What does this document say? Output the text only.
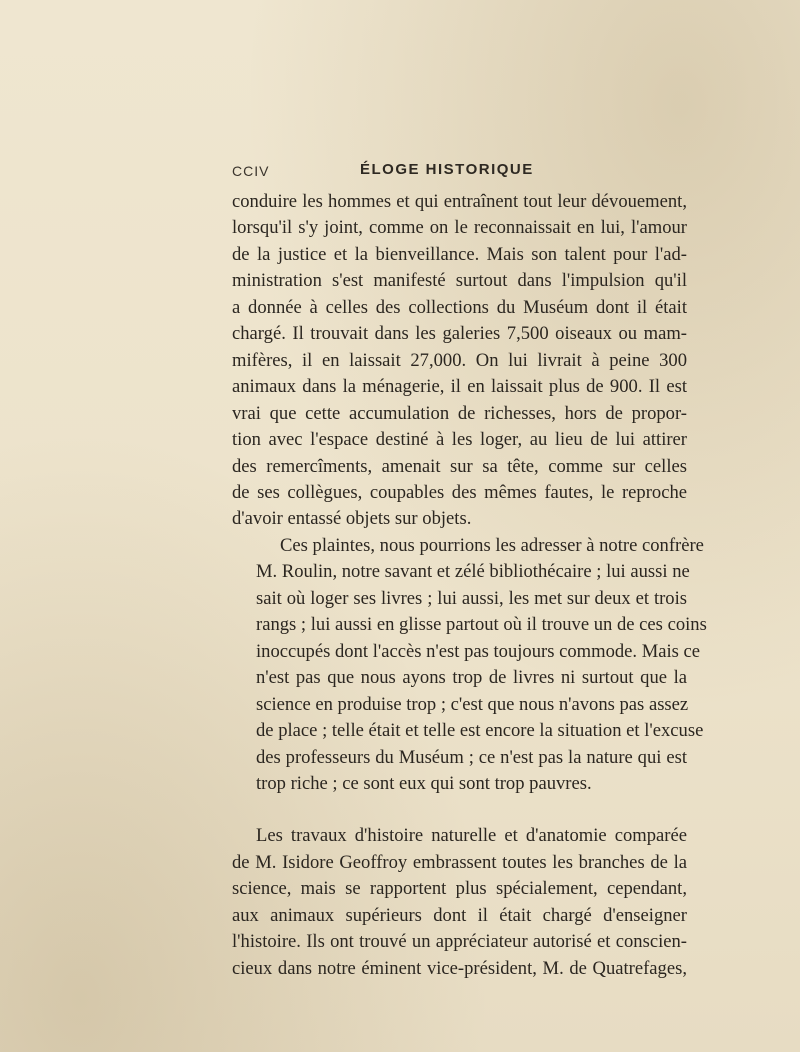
CCIV	ÉLOGE HISTORIQUE

conduire les hommes et qui entraînent tout leur dévouement,
lorsqu'il s'y joint, comme on le reconnaissait en lui, l'amour
de la justice et la bienveillance. Mais son talent pour l'ad-
ministration s'est manifesté surtout dans l'impulsion qu'il
a donnée à celles des collections du Muséum dont il était
chargé. Il trouvait dans les galeries 7,500 oiseaux ou mam-
mifères, il en laissait 27,000. On lui livrait à peine 300
animaux dans la ménagerie, il en laissait plus de 900. Il est
vrai que cette accumulation de richesses, hors de propor-
tion avec l'espace destiné à les loger, au lieu de lui attirer
des remercîments, amenait sur sa tête, comme sur celles
de ses collègues, coupables des mêmes fautes, le reproche
d'avoir entassé objets sur objets.

Ces plaintes, nous pourrions les adresser à notre confrère
M. Roulin, notre savant et zélé bibliothécaire ; lui aussi ne
sait où loger ses livres ; lui aussi, les met sur deux et trois
rangs ; lui aussi en glisse partout où il trouve un de ces coins
inoccupés dont l'accès n'est pas toujours commode. Mais ce
n'est pas que nous ayons trop de livres ni surtout que la
science en produise trop ; c'est que nous n'avons pas assez
de place ; telle était et telle est encore la situation et l'excuse
des professeurs du Muséum ; ce n'est pas la nature qui est
trop riche ; ce sont eux qui sont trop pauvres.

Les travaux d'histoire naturelle et d'anatomie comparée
de M. Isidore Geoffroy embrassent toutes les branches de la
science, mais se rapportent plus spécialement, cependant,
aux animaux supérieurs dont il était chargé d'enseigner
l'histoire. Ils ont trouvé un appréciateur autorisé et conscien-
cieux dans notre éminent vice-président, M. de Quatrefages,
